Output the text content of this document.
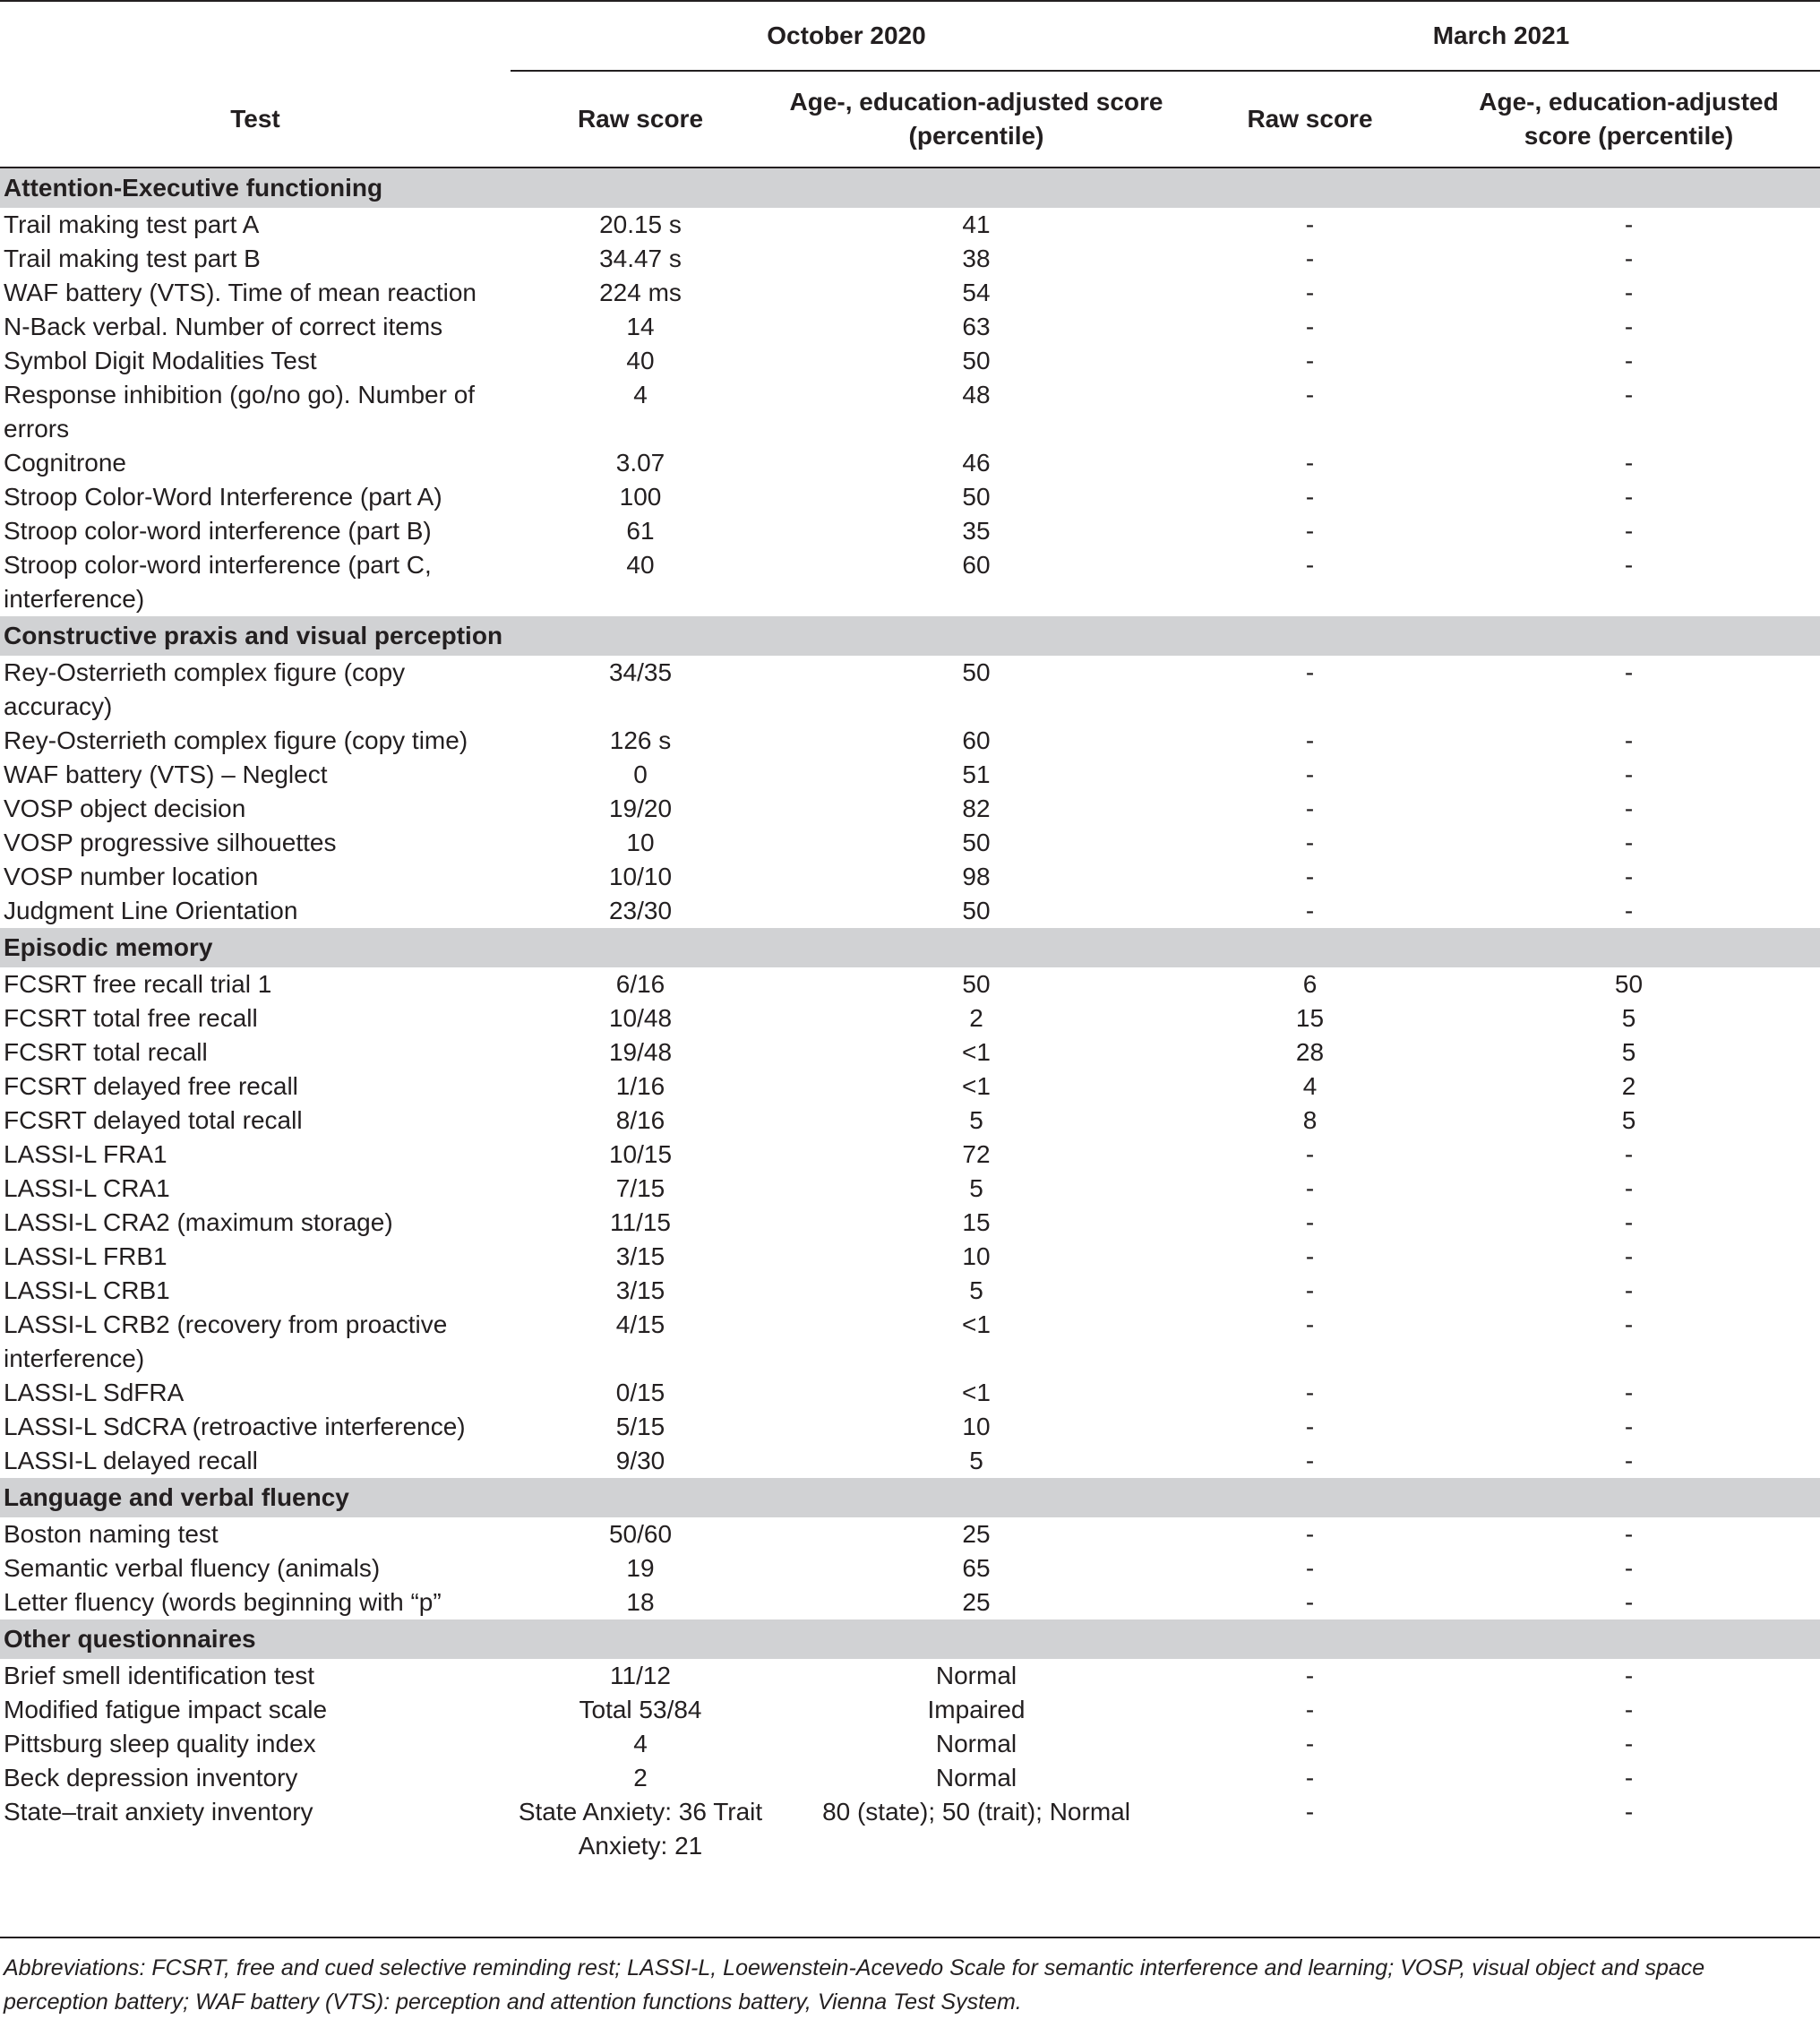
	October 2020		March 2021	
Test	Raw score	Age-, education-adjusted score (percentile)	Raw score	Age-, education-adjusted score (percentile)
Attention-Executive functioning				
Trail making test part A	20.15 s	41	-	-
Trail making test part B	34.47 s	38	-	-
WAF battery (VTS). Time of mean reaction	224 ms	54	-	-
N-Back verbal. Number of correct items	14	63	-	-
Symbol Digit Modalities Test	40	50	-	-
Response inhibition (go/no go). Number of errors	4	48	-	-
Cognitrone	3.07	46	-	-
Stroop Color-Word Interference (part A)	100	50	-	-
Stroop color-word interference (part B)	61	35	-	-
Stroop color-word interference (part C, interference)	40	60	-	-
Constructive praxis and visual perception				
Rey-Osterrieth complex figure (copy accuracy)	34/35	50	-	-
Rey-Osterrieth complex figure (copy time)	126 s	60	-	-
WAF battery (VTS) – Neglect	0	51	-	-
VOSP object decision	19/20	82	-	-
VOSP progressive silhouettes	10	50	-	-
VOSP number location	10/10	98	-	-
Judgment Line Orientation	23/30	50	-	-
Episodic memory				
FCSRT free recall trial 1	6/16	50	6	50
FCSRT total free recall	10/48	2	15	5
FCSRT total recall	19/48	<1	28	5
FCSRT delayed free recall	1/16	<1	4	2
FCSRT delayed total recall	8/16	5	8	5
LASSI-L FRA1	10/15	72	-	-
LASSI-L CRA1	7/15	5	-	-
LASSI-L CRA2 (maximum storage)	11/15	15	-	-
LASSI-L FRB1	3/15	10	-	-
LASSI-L CRB1	3/15	5	-	-
LASSI-L CRB2 (recovery from proactive interference)	4/15	<1	-	-
LASSI-L SdFRA	0/15	<1	-	-
LASSI-L SdCRA (retroactive interference)	5/15	10	-	-
LASSI-L delayed recall	9/30	5	-	-
Language and verbal fluency				
Boston naming test	50/60	25	-	-
Semantic verbal fluency (animals)	19	65	-	-
Letter fluency (words beginning with “p”	18	25	-	-
Other questionnaires				
Brief smell identification test	11/12	Normal	-	-
Modified fatigue impact scale	Total 53/84	Impaired	-	-
Pittsburg sleep quality index	4	Normal	-	-
Beck depression inventory	2	Normal	-	-
State–trait anxiety inventory	State Anxiety: 36 Trait Anxiety: 21	80 (state); 50 (trait); Normal	-	-
Abbreviations: FCSRT, free and cued selective reminding rest; LASSI-L, Loewenstein-Acevedo Scale for semantic interference and learning; VOSP, visual object and space perception battery; WAF battery (VTS): perception and attention functions battery, Vienna Test System.
